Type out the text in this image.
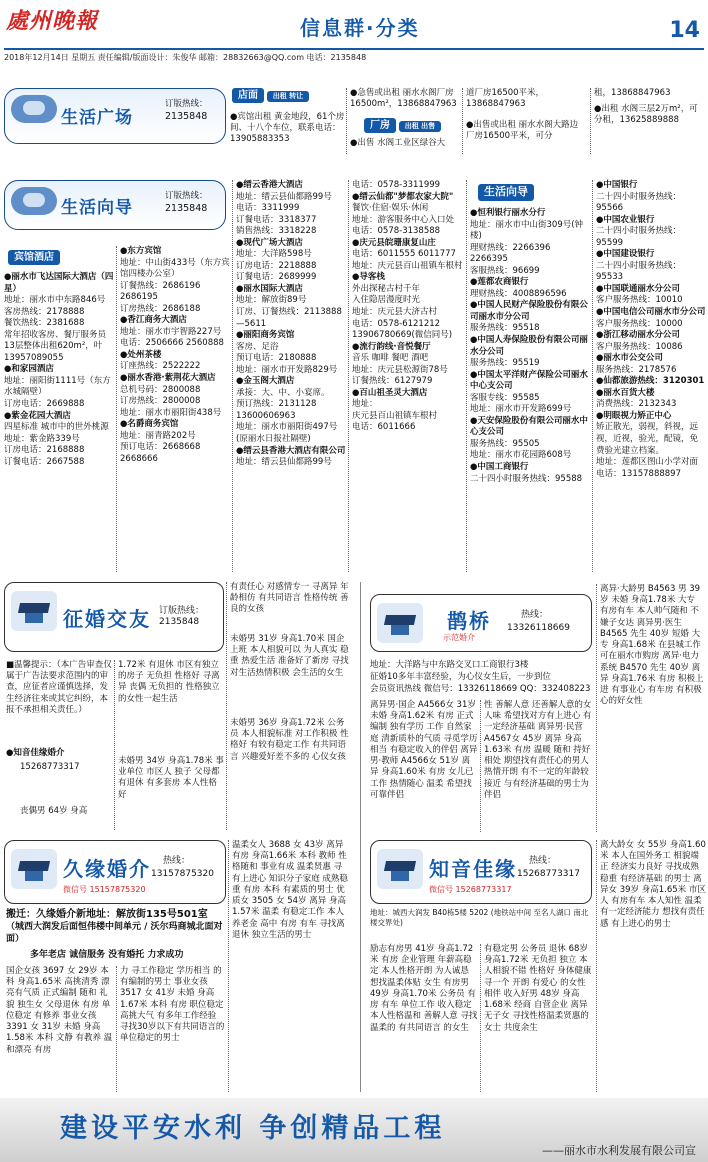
處州晚報	信息群·分类	14
2018年12月14日 星期五 责任编辑/版面设计：朱俊华 邮箱：28832663@QQ.com 电话：2135848
生活广场
订版热线：
2135848
店面 出租 转让
●宾馆出租 黄金地段，61个房间、十八个车位，联系电话：13905883353
●急售或出租 丽水水阁厂房16500m²，13868847963
厂房 出租 出售
●出售 水阁工业区绿谷大
道厂房16500平米，13868847963
●出售或出租 丽水水阁大路边厂房16500平米，可分
租，13868847963
●出租 水阁三层2万m²，可分租，13625889888
生活向导
订版热线：
2135848
宾馆酒店

●丽水市飞达国际大酒店（四星）

地址：丽水市中东路846号

客房热线：2178888

餐饮热线：2381688

常年招收客房、餐厅服务员

13层整体出租620m²，叶13957089055

●和家园酒店

地址：丽阳街1111号（东方水城隔壁）

订房电话：2669888

●紫金花园大酒店

四星标准 城市中的世外桃源

地址：紫金路339号

订房电话：2168888

订餐电话：2667588

●东方宾馆

地址：中山街433号（东方宾馆四楼办公室）

订餐热线：2686196 2686195

订房热线：2686188

●香江商务大酒店

地址：丽水市宇智路227号

电话：2506666 2560888

●处州茶楼

订座热线：2522222

●丽水香港·紫荆花大酒店

总机号码：2800088

订房热线：2800008

地址：丽水市丽阳街438号

●名爵商务宾馆

地址：丽青路202号

预订电话：2668668 2668666

●缙云香港大酒店

地址：缙云县仙都路99号

电话：3311999

订餐电话：3318377

销售热线：3318228

●现代广场大酒店

地址：大洋路598号

订房电话：2218888

订餐电话：2689999

●丽水国际大酒店

地址：解放街89号

订房、订餐热线：2113888—5611

●丽阳商务宾馆

客房、足浴

预订电话：2180888

地址：丽水市开发路829号

●金玉阁大酒店

承接：大、中、小宴席。

预订热线：2131128 13600606963

地址：丽水市丽阳街497号(原丽水日报社隔壁)

●缙云县香港大酒店有限公司

地址：缙云县仙都路99号

电话：0578-3311999

●缙云仙都"梦都农家大院"

餐饮·住宿·娱乐·休闲

地址：游客服务中心入口处

电话：0578-3138588

●庆元县皖珊康复山庄

电话：6011555 6011777

地址：庆元县百山祖镇车根村

●导客栈

外出探秘古村千年

入住隐居漫度时光

地址：庆元县大济古村

电话：0578-6121212 13906780669(微信同号)

●流行韵线·音悦餐厅

音乐 咖啡 餐吧 酒吧

地址：庆元县松源街78号

订餐热线：6127979

●百山祖圣灵大酒店

地址：

庆元县百山祖镇车根村

电话：6011666

生活向导

●恒利银行丽水分行

地址：丽水市中山街309号(钟楼)

理财热线：2266396 2266395

客服热线：96699

●莲都农商银行

理财热线：4008896596

●中国人民财产保险股份有限公司丽水市分公司

服务热线：95518

●中国人寿保险股份有限公司丽水分公司

服务热线：95519

●中国太平洋财产保险公司丽水中心支公司

客服专线：95585

地址：丽水市开发路699号

●天安保险股份有限公司丽水中心支公司

服务热线：95505

地址：丽水市花园路608号

●中国工商银行

二十四小时服务热线：95588

●中国银行

二十四小时服务热线：95566

●中国农业银行

二十四小时服务热线：95599

●中国建设银行

二十四小时服务热线：95533

●中国联通丽水分公司

客户服务热线：10010

●中国电信公司丽水市分公司

客户服务热线：10000

●浙江移动丽水分公司

客户服务热线：10086

●丽水市公交公司

服务热线：2178576

●仙都旅游热线：3120301

●丽水百货大楼

消费热线：2132343

●明眼视力矫正中心

矫正散光，弱视，斜视，远视，近视，验光，配镜，免费验光建立档案。

地址：莲都区图山小学对面

电话：13157888897

征婚交友 订版热线：
2135848
■温馨提示：（本广告审查仅属于广告法要求范围内的审查，应征者应谨慎选择，发生经济往来或其它纠纷，本报不承担相关责任。）
●知音佳缘婚介
15268773317
丧偶男 64岁 身高
1.72米 有退休 市区有独立的房子 无负担 性格好 寻离异 丧偶 无负担的 性格独立的女性一起生活
未婚男 34岁 身高1.78米 事业单位 市区人 独子 父母都有退休 有多套房 本人性格好
有责任心 对感情专一 寻离异 年龄相仿 有共同语言 性格传统 善良的女孩
未婚男 31岁 身高1.70米 国企上班 本人相貌可以 为人真实 稳重 热爱生活 准备好了新房 寻找对生活热情积极 会生活的女生
未婚男 36岁 身高1.72米 公务员 本人相貌标准 对工作积极 性格好 有较有稳定工作 有共同语言 兴趣爱好差不多的 心仪女孩
鹊桥
示范婚介
热线：
13326118669
地址：大洋路与中东路交叉口工商银行3楼
征婚10多年丰富经验，为心仪女生后，一步到位
会员资讯热线 微信号：13326118669 QQ：332408223
离异男·国企 A4566女 31岁 未婚 身高1.62米 有房 正式编制 独有学历 工作 自然家庭 清新质朴的气质 寻觅学历相当 有稳定收入的伴侣 离异男·教师 A4566女 51岁 离异 身高1.60米 有房 女儿已工作 热情随心 温柔 希望找可靠伴侣
性 善解人意 还善解人意的女人味 希望找对方有上进心 有一定经济基础 离异男·民营 A4567女 45岁 离异 身高1.63米 有房 温暖 随和 持好相处 期望找有责任心的男人 热情开朗 有不一定的年龄较接近 与有经济基础的男士为伴侣
离异·大龄男 B4563 男 39岁 未婚 身高1.78米 大专 有房有车 本人帅气随和 不嫌子女达 离异男·医生 B4565 先生 40岁 短婚 大专 身高1.68米 在县城工作 可在丽水市购房 离异·电力系统 B4570 先生 40岁 离异 身高1.76米 有房 积极上进 有事业心 有车房 有积极心的好女性
久缘婚介
微信号 15157875320
热线：
13157875320
搬迁：久缘婚介新地址：解放街135号501室
（城西大润发后面恒伟楼中间单元 / 沃尔玛商城北面对面）
多年老店 诚信服务 没有婚托 力求成功
国企女孩 3697 女 29岁 本科 身高1.65米 高挑清秀 漂亮有气质 正式编制 随和 礼貌 独生女 父母退休 有房 单位稳定 有修养 事业女孩 3391 女 31岁 未婚 身高1.58米 本科 文静 有教养 温和漂亮 有房
力 寻工作稳定 学历相当 的有编制的男士 事业女孩 3517 女 41岁 未婚 身高1.67米 本科 有房 职位稳定 高挑大气 有多年工作经验 寻找30岁以下有共同语言的 单位稳定的男士
温柔女人 3688 女 43岁 离异 有房 身高1.66米 本科 教师 性格随和 事业有成 温柔贤惠 寻有上进心 知识分子家庭 成熟稳重 有房 本科 有素质的男士 优质女 3505 女 54岁 离异 身高1.57米 温柔 有稳定工作 本人养老金 高中 有房 有车 寻找离 退休 独立生活的男士
知音佳缘
微信号 15268773317
热线：
15268773317
地址：城西大润发 B40栋5楼 5202 (地铁站中间 至名人湖口 南北楼交界处)
励志有房男 41岁 身高1.72米 有房 企业管理 年薪高稳定 本人性格开朗 为人诚恳 想找温柔体贴 女生 有房男 49岁 身高1.70米 公务员 有房 有车 单位工作 收入稳定 本人性格温和 善解人意 寻找 温柔的 有共同语言 的女生
有稳定男 公务员 退休 68岁 身高1.72米 无负担 独立 本人相貌不错 性格好 身体健康 寻一个 开朗 有爱心 的女性相伴 收入好男 48岁 身高1.68米 经商 自营企业 离异 无子女 寻找性格温柔贤惠的女士 共度余生
离大龄女 女 55岁 身高1.60米 本人在国外务工 相貌端正 经济实力良好 寻找成熟稳重 有经济基础 的男士 离异女 39岁 身高1.65米 市区人 有房有车 本人知性 温柔 有一定经济能力 想找有责任感 有上进心的男士
建设平安水利 争创精品工程
——丽水市水利发展有限公司宣
